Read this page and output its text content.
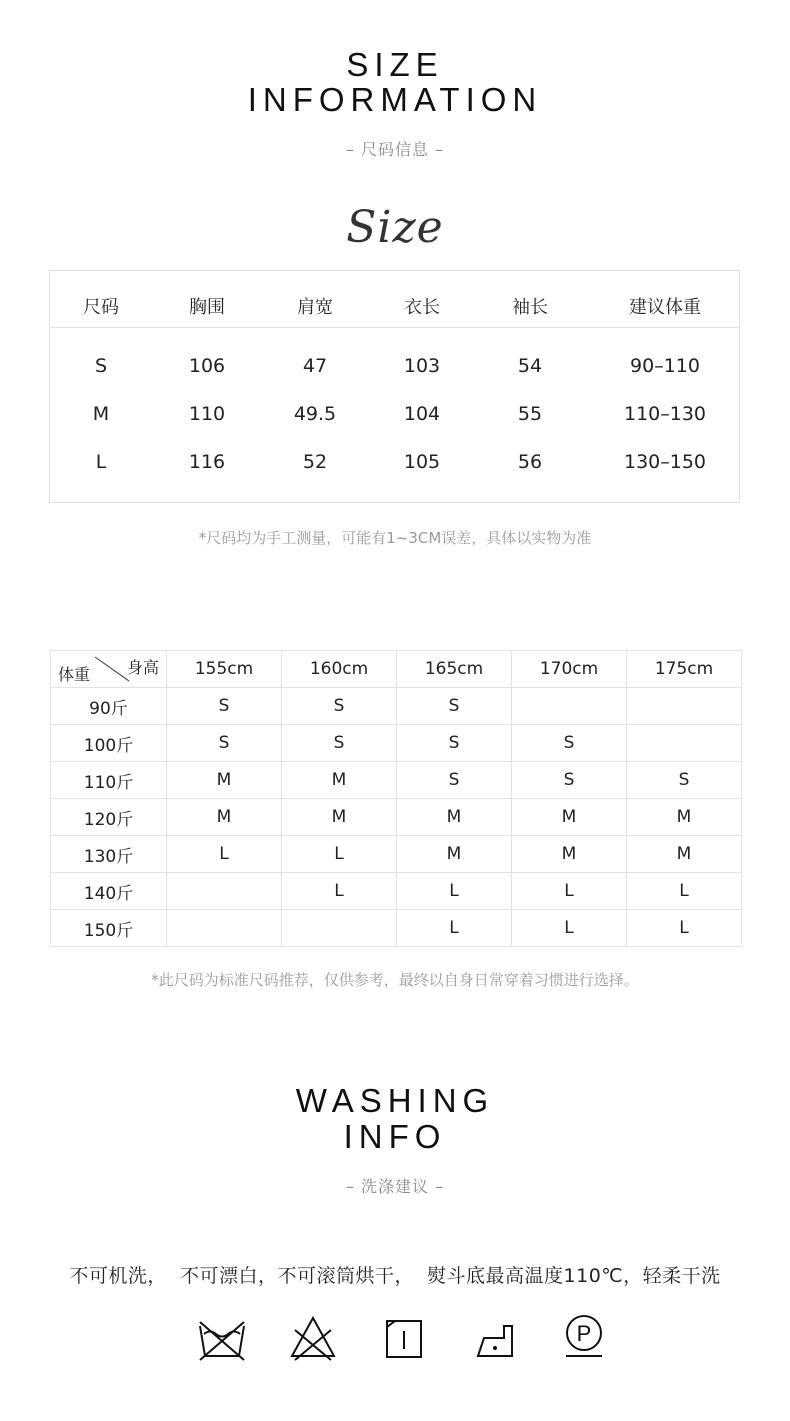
SIZE
INFORMATION
– 尺码信息 –
Size
尺码	胸围	肩宽	衣长	袖长	建议体重
S	106	47	103	54	90–110
M	110	49.5	104	55	110–130
L	116	52	105	56	130–150
*尺码均为手工测量，可能有1~3CM误差，具体以实物为准
体重 身高	155cm	160cm	165cm	170cm	175cm
90斤	S	S	S		
100斤	S	S	S	S	
110斤	M	M	S	S	S
120斤	M	M	M	M	M
130斤	L	L	M	M	M
140斤		L	L	L	L
150斤			L	L	L
*此尺码为标准尺码推荐，仅供参考，最终以自身日常穿着习惯进行选择。
WASHING
INFO
– 洗涤建议 –
不可机洗，  不可漂白，不可滚筒烘干，  熨斗底最高温度110℃，轻柔干洗
P
